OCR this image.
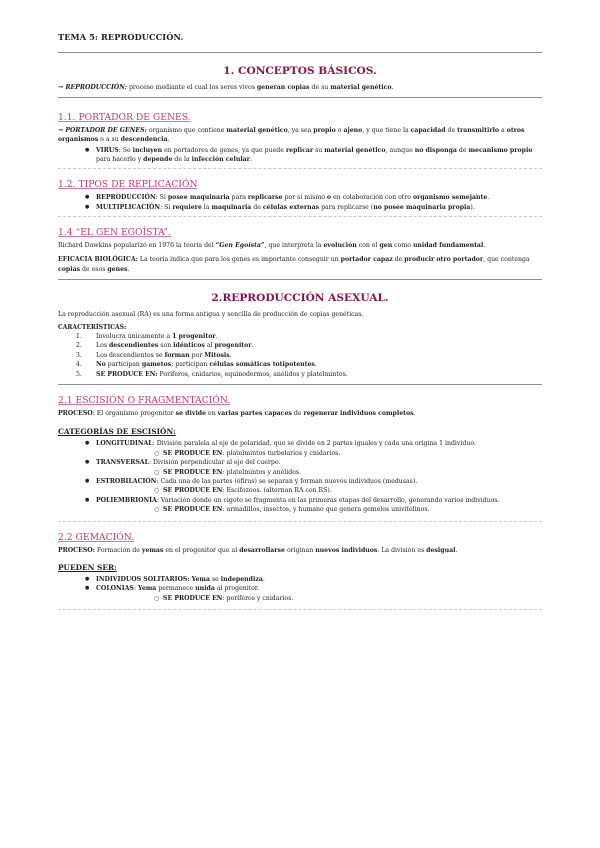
TEMA 5: REPRODUCCIÓN.
1. CONCEPTOS BÁSICOS.

→ REPRODUCCIÓN: proceso mediante el cual los seres vivos generan copias de su material genético.

1.1. PORTADOR DE GENES.

→ PORTADOR DE GENES: organismo que contiene material genético, ya sea propio o ajeno, y que tiene la capacidad de transmitirlo a otros organismos o a su descendencia.

● VIRUS: Se incluyen en portadores de genes, ya que puede replicar su material genético, aunque no disponga de mecanismo propio para hacerlo y depende de la infección celular.
1.2. TIPOS DE REPLICACIÓN
● REPRODUCCIÓN: Sí posee maquinaria para replicarse por sí mismo o en colaboración con otro organismo semejante.
● MULTIPLICACIÓN: Sí requiere la maquinaria de células externas para replicarse (no posee maquinaria propia).
1.4 “EL GEN EGOÍSTA”.

Richard Dawkins popularizó en 1976 la teoría del “Gen Egoísta”, que interpreta la evolución con el gen como unidad fundamental.

EFICACIA BIOLÓGICA: La teoría indica que para los genes es importante conseguir un portador capaz de producir otro portador, que contenga copias de esos genes.

2.REPRODUCCIÓN ASEXUAL.

La reproducción asexual (RA) es una forma antigua y sencilla de producción de copias genéticas.

CARACTERÍSTICAS:
1. Involucra únicamente a 1 progenitor.
2. Los descendientes son idénticos al progenitor.
3. Los descendientes se forman por Mitosis.
4. No participan gametos; participan células somáticas totipotentes.
5. SE PRODUCE EN: Poríferos, cnidarios, equinodermos, anélidos y platelmintos.
2.1 ESCISIÓN O FRAGMENTACIÓN.

PROCESO: El organismo progenitor se divide en varias partes capaces de regenerar individuos completos.

CATEGORÍAS DE ESCISIÓN:
● LONGITUDINAL: División paralela al eje de polaridad, que se divide en 2 partes iguales y cada una origina 1 individuo.
○ SE PRODUCE EN: platelmintos turbelarios y cnidarios.
● TRANSVERSAL: División perpendicular al eje del cuerpo.
○ SE PRODUCE EN: platelmintos y anélidos.
● ESTROBILACIÓN: Cada una de las partes (éfiras) se separan y forman nuevos individuos (medusas).
○ SE PRODUCE EN: Escifozoos. (alternan RA con RS).
● POLIEMBRIONÍA: Variación donde un cigoto se fragmenta en las primeras etapas del desarrollo, generando varios individuos.
○ SE PRODUCE EN: armadillos, insectos, y humano que genera gemelos univitelinos.
2.2 GEMACIÓN.

PROCESO: Formación de yemas en el progenitor que al desarrollarse originan nuevos individuos. La división es desigual.

PUEDEN SER:
● INDIVIDUOS SOLITARIOS: Yema se independiza.
● COLONIAS: Yema permanece unida al progenitor.
○ SE PRODUCE EN: poríferos y cnidarios.
